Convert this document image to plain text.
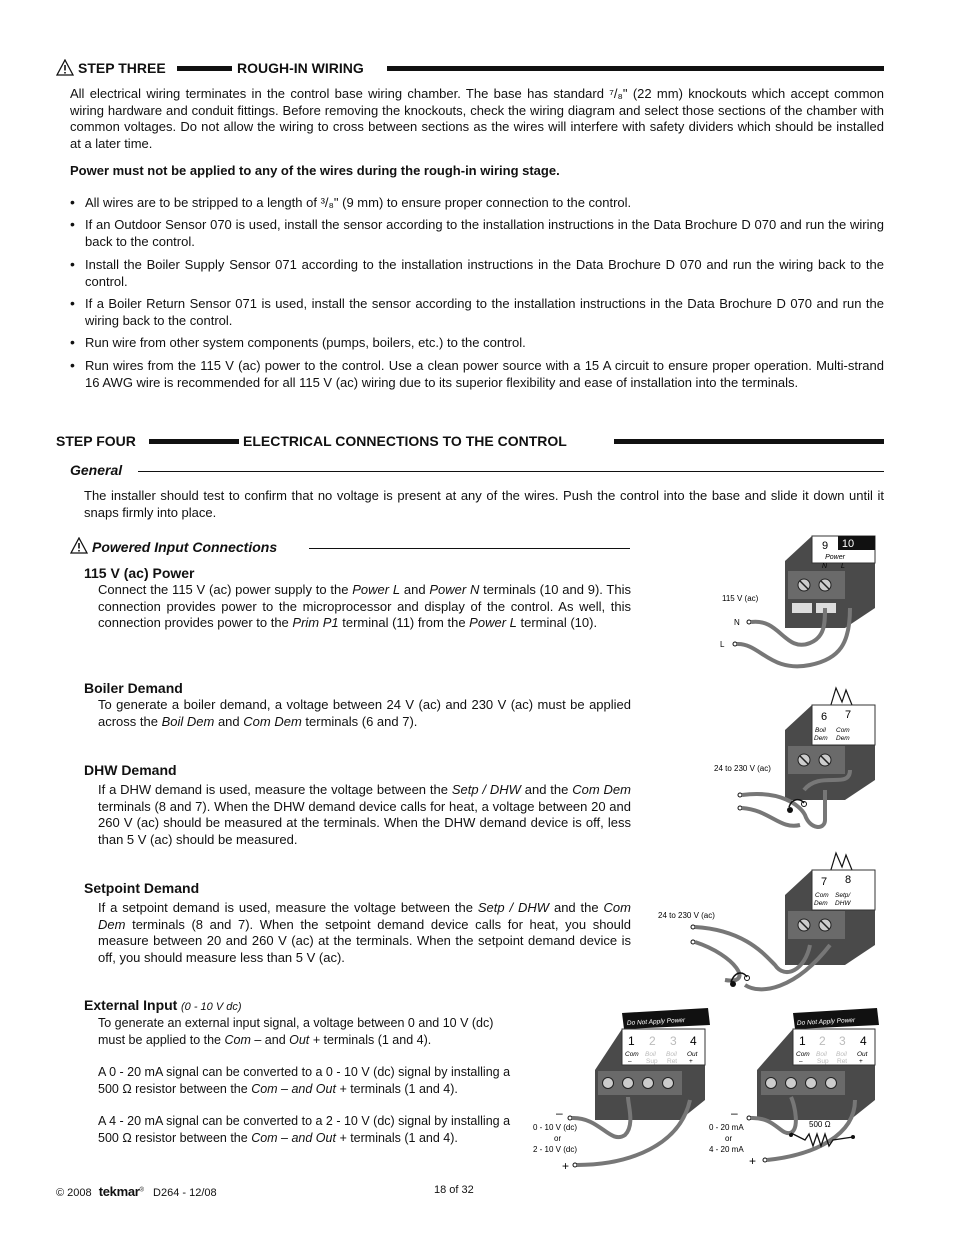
STEP THREE	ROUGH-IN WIRING
All electrical wiring terminates in the control base wiring chamber. The base has standard ⁷/₈" (22 mm) knockouts which accept common wiring hardware and conduit fittings. Before removing the knockouts, check the wiring diagram and select those sections of the chamber with common voltages. Do not allow the wiring to cross between sections as the wires will interfere with safety dividers which should be installed at a later time.
Power must not be applied to any of the wires during the rough-in wiring stage.
• All wires are to be stripped to a length of ³/₈" (9 mm) to ensure proper connection to the control.
• If an Outdoor Sensor 070 is used, install the sensor according to the installation instructions in the Data Brochure D 070 and run the wiring back to the control.
• Install the Boiler Supply Sensor 071 according to the installation instructions in the Data Brochure D 070 and run the wiring back to the control.
• If a Boiler Return Sensor 071 is used, install the sensor according to the installation instructions in the Data Brochure D 070 and run the wiring back to the control.
• Run wire from other system components (pumps, boilers, etc.) to the control.
• Run wires from the 115 V (ac) power to the control. Use a clean power source with a 15 A circuit to ensure proper operation. Multi-strand 16 AWG wire is recommended for all 115 V (ac) wiring due to its superior flexibility and ease of installation into the terminals.
STEP FOUR	ELECTRICAL CONNECTIONS TO THE CONTROL
General
The installer should test to confirm that no voltage is present at any of the wires. Push the control into the base and slide it down until it snaps firmly into place.
Powered Input Connections
115 V (ac) Power
Connect the 115 V (ac) power supply to the Power L and Power N terminals (10 and 9). This connection provides power to the microprocessor and display of the control. As well, this connection provides power to the Prim P1 terminal (11) from the Power L terminal (10).
Boiler Demand
To generate a boiler demand, a voltage between 24 V (ac) and 230 V (ac) must be applied across the Boil Dem and Com Dem terminals (6 and 7).
DHW Demand
If a DHW demand is used, measure the voltage between the Setp / DHW and the Com Dem terminals (8 and 7). When the DHW demand device calls for heat, a voltage between 20 and 260 V (ac) should be measured at the terminals. When the DHW demand device is off, less than 5 V (ac) should be measured.
Setpoint Demand
If a setpoint demand is used, measure the voltage between the Setp / DHW and the Com Dem terminals (8 and 7). When the setpoint demand device calls for heat, you should measure between 20 and 260 V (ac) at the terminals. When the setpoint demand device is off, you should measure less than 5 V (ac).
External Input (0 - 10 V dc)
To generate an external input signal, a voltage between 0 and 10 V (dc) must be applied to the Com – and Out + terminals (1 and 4).
A 0 - 20 mA signal can be converted to a 0 - 10 V (dc) signal by installing a 500 Ω resistor between the Com – and Out + terminals (1 and 4).
A 4 - 20 mA signal can be converted to a 2 - 10 V (dc) signal by installing a 500 Ω resistor between the Com – and Out + terminals (1 and 4).
9 10
Power
N L
115 V (ac)
N
L
6 7
Boil
Dem
Com
Dem
24 to 230 V (ac)
7 8
Com
Dem
Setp/
DHW
24 to 230 V (ac)
Do Not Apply Power
1 2 3 4
Com Boil Boil Out
– Sup Ret +
–
0 - 10 V (dc)
or
2 - 10 V (dc)
+
Do Not Apply Power
1 2 3 4
Com Boil Boil Out
– Sup Ret +
–
0 - 20 mA
or
4 - 20 mA
+
500 Ω
© 2008 tekmar® D264 - 12/08	18 of 32
